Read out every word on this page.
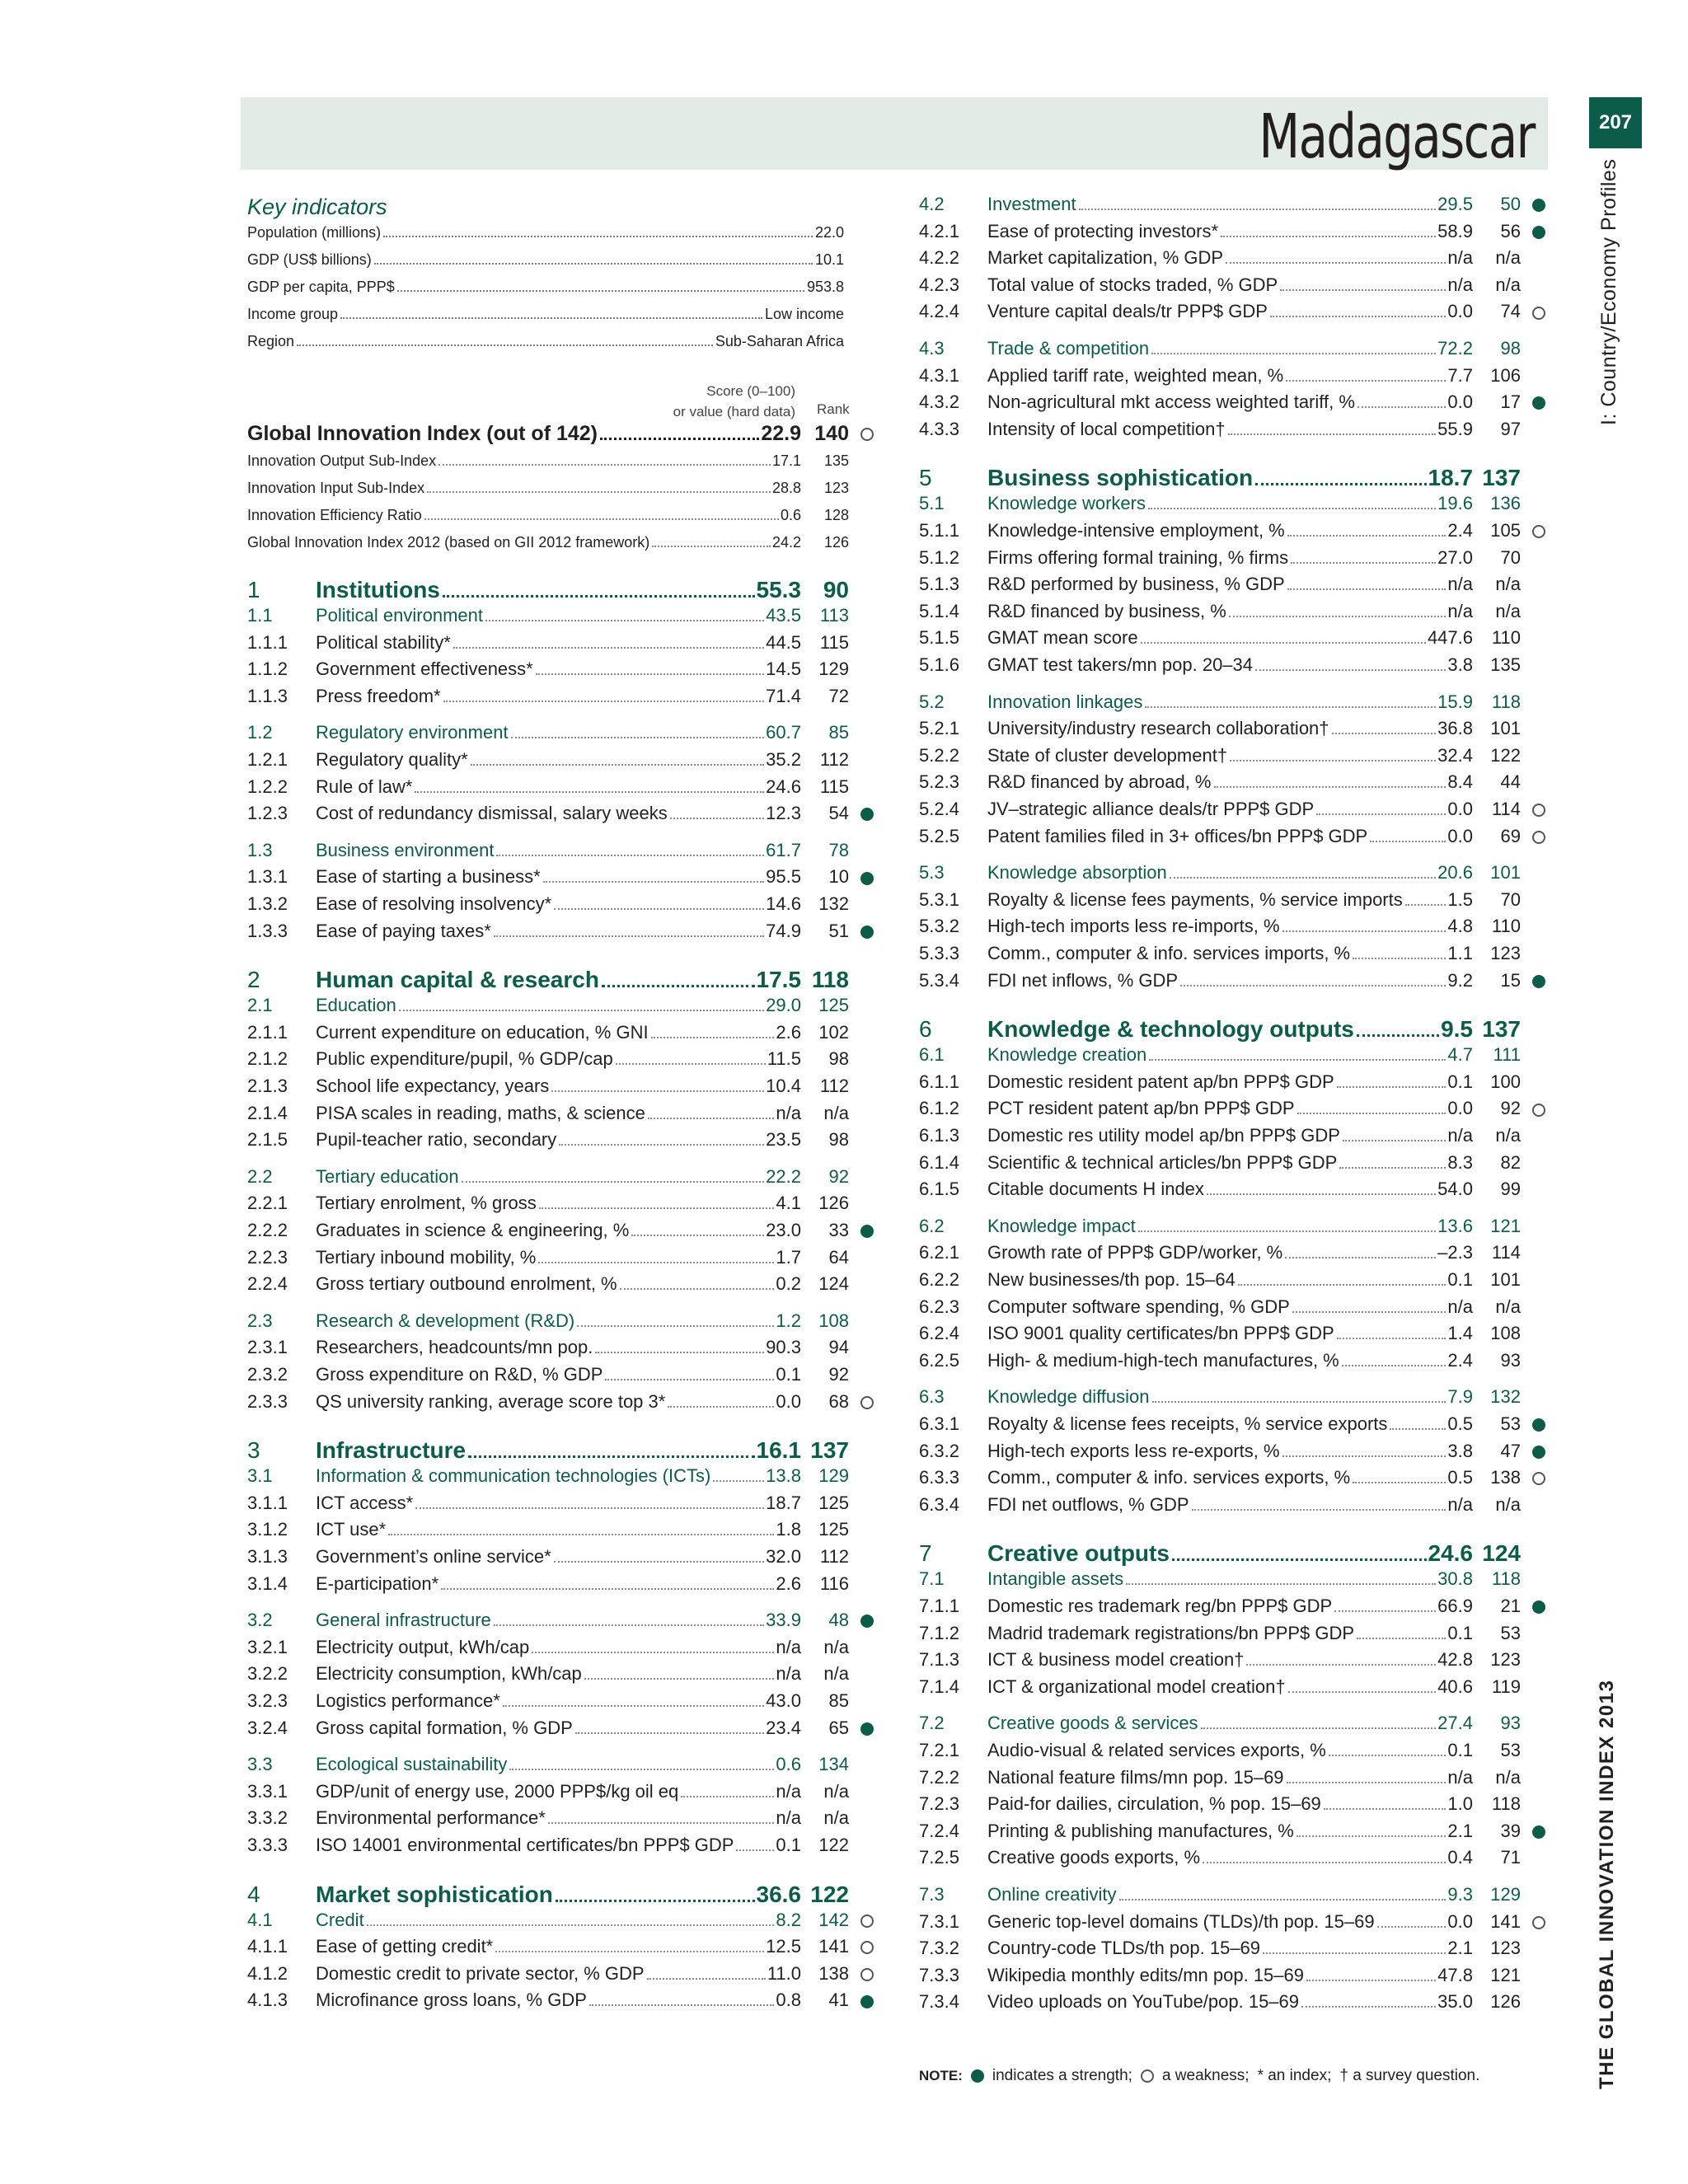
Madagascar	207
I: Country/Economy Profiles
THE GLOBAL INNOVATION INDEX 2013
Key indicators
Population (millions)	22.0
GDP (US$ billions)	10.1
GDP per capita, PPP$	953.8
Income group	Low income
Region	Sub-Saharan Africa
Score (0–100)
or value (hard data) Rank
Global Innovation Index (out of 142)	22.9 140
Innovation Output Sub-Index	17.1	135
Innovation Input Sub-Index	28.8	123
Innovation Efficiency Ratio	0.6	128
Global Innovation Index 2012 (based on GII 2012 framework)	24.2	126
1	Institutions	55.3 90
1.1	Political environment	43.5	113
1.1.1	Political stability*	44.5	115
1.1.2	Government effectiveness*	14.5 129
1.1.3	Press freedom*	71.4	72
1.2	Regulatory environment	60.7	85
1.2.1	Regulatory quality*	35.2	112
1.2.2	Rule of law*	24.6	115
1.2.3	Cost of redundancy dismissal, salary weeks	12.3	54
1.3	Business environment	61.7	78
1.3.1	Ease of starting a business*	95.5	10
1.3.2	Ease of resolving insolvency*	14.6 132
1.3.3	Ease of paying taxes*	74.9	51
2	Human capital & research	17.5 118
2.1	Education	29.0 125
2.1.1	Current expenditure on education, % GNI	2.6 102
2.1.2	Public expenditure/pupil, % GDP/cap	11.5	98
2.1.3	School life expectancy, years	10.4	112
2.1.4	PISA scales in reading, maths, & science	n/a	n/a
2.1.5	Pupil-teacher ratio, secondary	23.5	98
2.2	Tertiary education	22.2	92
2.2.1	Tertiary enrolment, % gross	4.1 126
2.2.2	Graduates in science & engineering, %	23.0	33
2.2.3	Tertiary inbound mobility, %	1.7	64
2.2.4	Gross tertiary outbound enrolment, %	0.2 124
2.3	Research & development (R&D)	1.2 108
2.3.1	Researchers, headcounts/mn pop.	90.3	94
2.3.2	Gross expenditure on R&D, % GDP	0.1	92
2.3.3	QS university ranking, average score top 3*	0.0	68
3	Infrastructure	16.1 137
3.1	Information & communication technologies (ICTs)	13.8 129
3.1.1	ICT access*	18.7 125
3.1.2	ICT use*	1.8 125
3.1.3	Government’s online service*	32.0	112
3.1.4	E-participation*	2.6	116
3.2	General infrastructure	33.9	48
3.2.1	Electricity output, kWh/cap	n/a	n/a
3.2.2	Electricity consumption, kWh/cap	n/a	n/a
3.2.3	Logistics performance*	43.0	85
3.2.4	Gross capital formation, % GDP	23.4	65
3.3	Ecological sustainability	0.6 134
3.3.1	GDP/unit of energy use, 2000 PPP$/kg oil eq	n/a	n/a
3.3.2	Environmental performance*	n/a	n/a
3.3.3	ISO 14001 environmental certificates/bn PPP$ GDP 0.1 122
4	Market sophistication	36.6 122
4.1	Credit	8.2 142
4.1.1	Ease of getting credit*	12.5 141
4.1.2	Domestic credit to private sector, % GDP	11.0 138
4.1.3	Microfinance gross loans, % GDP	0.8	41
4.2	Investment	29.5	50
4.2.1	Ease of protecting investors*	58.9	56
4.2.2	Market capitalization, % GDP	n/a	n/a
4.2.3	Total value of stocks traded, % GDP	n/a	n/a
4.2.4	Venture capital deals/tr PPP$ GDP	0.0	74
4.3	Trade & competition	72.2	98
4.3.1	Applied tariff rate, weighted mean, %	7.7 106
4.3.2	Non-agricultural mkt access weighted tariff, %	0.0	17
4.3.3	Intensity of local competition†	55.9	97
5	Business sophistication	18.7 137
5.1	Knowledge workers	19.6 136
5.1.1	Knowledge-intensive employment, %	2.4 105
5.1.2	Firms offering formal training, % firms	27.0	70
5.1.3	R&D performed by business, % GDP	n/a	n/a
5.1.4	R&D financed by business, %	n/a	n/a
5.1.5	GMAT mean score	447.6	110
5.1.6	GMAT test takers/mn pop. 20–34	3.8 135
5.2	Innovation linkages	15.9	118
5.2.1	University/industry research collaboration†	36.8 101
5.2.2	State of cluster development†	32.4 122
5.2.3	R&D financed by abroad, %	8.4	44
5.2.4	JV–strategic alliance deals/tr PPP$ GDP	0.0	114
5.2.5	Patent families filed in 3+ offices/bn PPP$ GDP	0.0	69
5.3	Knowledge absorption	20.6 101
5.3.1	Royalty & license fees payments, % service imports 1.5	70
5.3.2	High-tech imports less re-imports, %	4.8	110
5.3.3	Comm., computer & info. services imports, %	1.1 123
5.3.4	FDI net inflows, % GDP	9.2	15
6	Knowledge & technology outputs	9.5 137
6.1	Knowledge creation	4.7	111
6.1.1	Domestic resident patent ap/bn PPP$ GDP	0.1 100
6.1.2	PCT resident patent ap/bn PPP$ GDP	0.0	92
6.1.3	Domestic res utility model ap/bn PPP$ GDP	n/a	n/a
6.1.4	Scientific & technical articles/bn PPP$ GDP	8.3	82
6.1.5	Citable documents H index	54.0	99
6.2	Knowledge impact	13.6 121
6.2.1	Growth rate of PPP$ GDP/worker, %	–2.3	114
6.2.2	New businesses/th pop. 15–64	0.1 101
6.2.3	Computer software spending, % GDP	n/a	n/a
6.2.4	ISO 9001 quality certificates/bn PPP$ GDP	1.4 108
6.2.5	High- & medium-high-tech manufactures, %	2.4	93
6.3	Knowledge diffusion	7.9 132
6.3.1	Royalty & license fees receipts, % service exports	0.5	53
6.3.2	High-tech exports less re-exports, %	3.8	47
6.3.3	Comm., computer & info. services exports, %	0.5 138
6.3.4	FDI net outflows, % GDP	n/a	n/a
7	Creative outputs	24.6 124
7.1	Intangible assets	30.8	118
7.1.1	Domestic res trademark reg/bn PPP$ GDP	66.9	21
7.1.2	Madrid trademark registrations/bn PPP$ GDP	0.1	53
7.1.3	ICT & business model creation†	42.8 123
7.1.4	ICT & organizational model creation†	40.6	119
7.2	Creative goods & services	27.4	93
7.2.1	Audio-visual & related services exports, %	0.1	53
7.2.2	National feature films/mn pop. 15–69	n/a	n/a
7.2.3	Paid-for dailies, circulation, % pop. 15–69	1.0	118
7.2.4	Printing & publishing manufactures, %	2.1	39
7.2.5	Creative goods exports, %	0.4	71
7.3	Online creativity	9.3 129
7.3.1	Generic top-level domains (TLDs)/th pop. 15–69	0.0 141
7.3.2	Country-code TLDs/th pop. 15–69	2.1 123
7.3.3	Wikipedia monthly edits/mn pop. 15–69	47.8 121
7.3.4	Video uploads on YouTube/pop. 15–69	35.0 126
NOTE: indicates a strength; a weakness; * an index; † a survey question.
